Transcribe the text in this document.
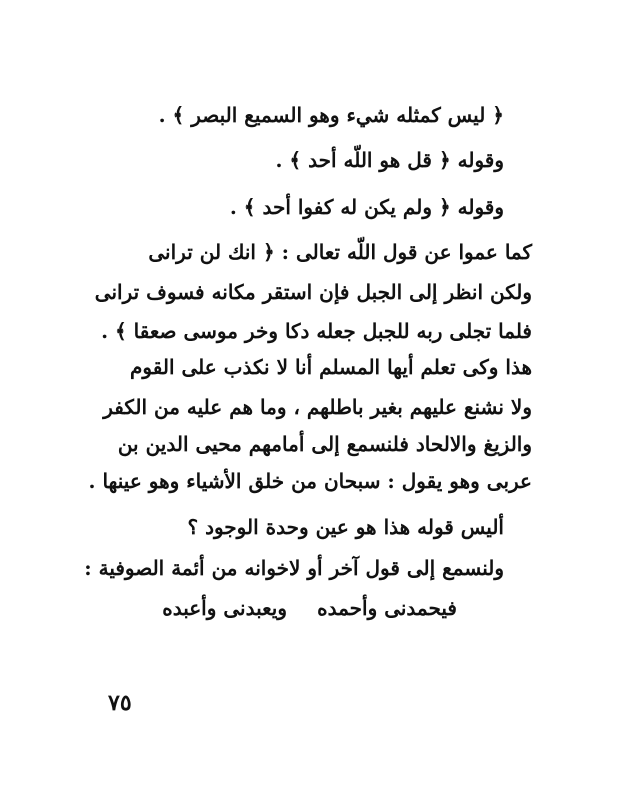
﴿ ليس كمثله شيء وهو السميع البصر ﴾ .
وقوله ﴿ قل هو اللّه أحد ﴾ .
وقوله ﴿ ولم يكن له كفوا أحد ﴾ .
كما عموا عن قول اللّه تعالى : ﴿ انك لن ترانى
ولكن انظر إلى الجبل فإن استقر مكانه فسوف ترانى
فلما تجلى ربه للجبل جعله دكا وخر موسى صعقا ﴾ .
هذا وكى تعلم أيها المسلم أنا لا نكذب على القوم
ولا نشنع عليهم بغير باطلهم ، وما هم عليه من الكفر
والزيغ والالحاد فلنسمع إلى أمامهم محيى الدين بن
عربى وهو يقول : سبحان من خلق الأشياء وهو عينها .
أليس قوله هذا هو عين وحدة الوجود ؟
ولنسمع إلى قول آخر أو لاخوانه من أئمة الصوفية :
فيحمدنى وأحمده
ويعبدنى وأعبده
٧٥
